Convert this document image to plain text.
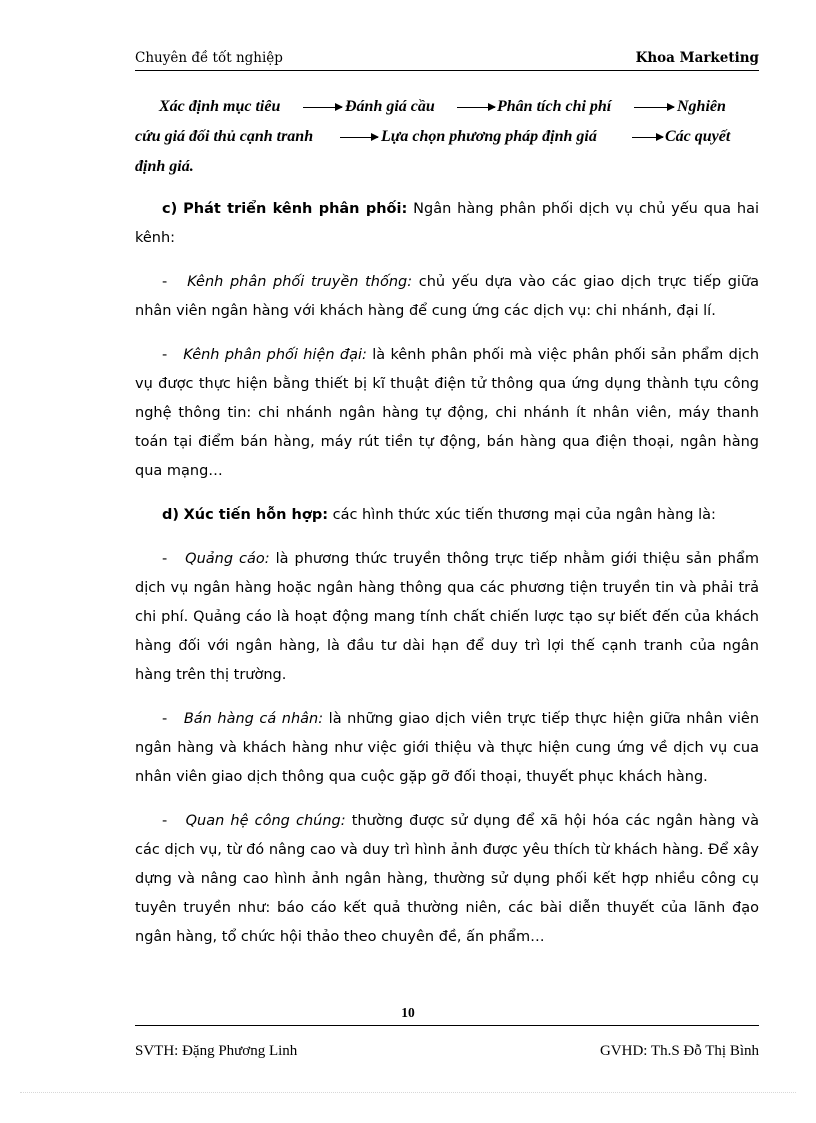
Chuyên đề tốt nghiệp	Khoa Marketing
Xác định mục tiêu	Đánh giá cầu	Phân tích chi phí	Nghiên
cứu giá đối thủ cạnh tranh	Lựa chọn phương pháp định giá	Các quyết
định giá.

c) Phát triển kênh phân phối: Ngân hàng phân phối dịch vụ chủ yếu qua hai kênh:

- Kênh phân phối truyền thống: chủ yếu dựa vào các giao dịch trực tiếp giữa nhân viên ngân hàng với khách hàng để cung ứng các dịch vụ: chi nhánh, đại lí.

- Kênh phân phối hiện đại: là kênh phân phối mà việc phân phối sản phẩm dịch vụ được thực hiện bằng thiết bị kĩ thuật điện tử thông qua ứng dụng thành tựu công nghệ thông tin: chi nhánh ngân hàng tự động, chi nhánh ít nhân viên, máy thanh toán tại điểm bán hàng, máy rút tiền tự động, bán hàng qua điện thoại, ngân hàng qua mạng…

d) Xúc tiến hỗn hợp: các hình thức xúc tiến thương mại của ngân hàng là:

- Quảng cáo: là phương thức truyền thông trực tiếp nhằm giới thiệu sản phẩm dịch vụ ngân hàng hoặc ngân hàng thông qua các phương tiện truyền tin và phải trả chi phí. Quảng cáo là hoạt động mang tính chất chiến lược tạo sự biết đến của khách hàng đối với ngân hàng, là đầu tư dài hạn để duy trì lợi thế cạnh tranh của ngân hàng trên thị trường.

- Bán hàng cá nhân: là những giao dịch viên trực tiếp thực hiện giữa nhân viên ngân hàng và khách hàng như việc giới thiệu và thực hiện cung ứng về dịch vụ cua nhân viên giao dịch thông qua cuộc gặp gỡ đối thoại, thuyết phục khách hàng.

- Quan hệ công chúng: thường được sử dụng để xã hội hóa các ngân hàng và các dịch vụ, từ đó nâng cao và duy trì hình ảnh được yêu thích từ khách hàng. Để xây dựng và nâng cao hình ảnh ngân hàng, thường sử dụng phối kết hợp nhiều công cụ tuyên truyền như: báo cáo kết quả thường niên, các bài diễn thuyết của lãnh đạo ngân hàng, tổ chức hội thảo theo chuyên đề, ấn phẩm…

10
SVTH: Đặng Phương Linh	GVHD: Th.S Đỗ Thị Bình
